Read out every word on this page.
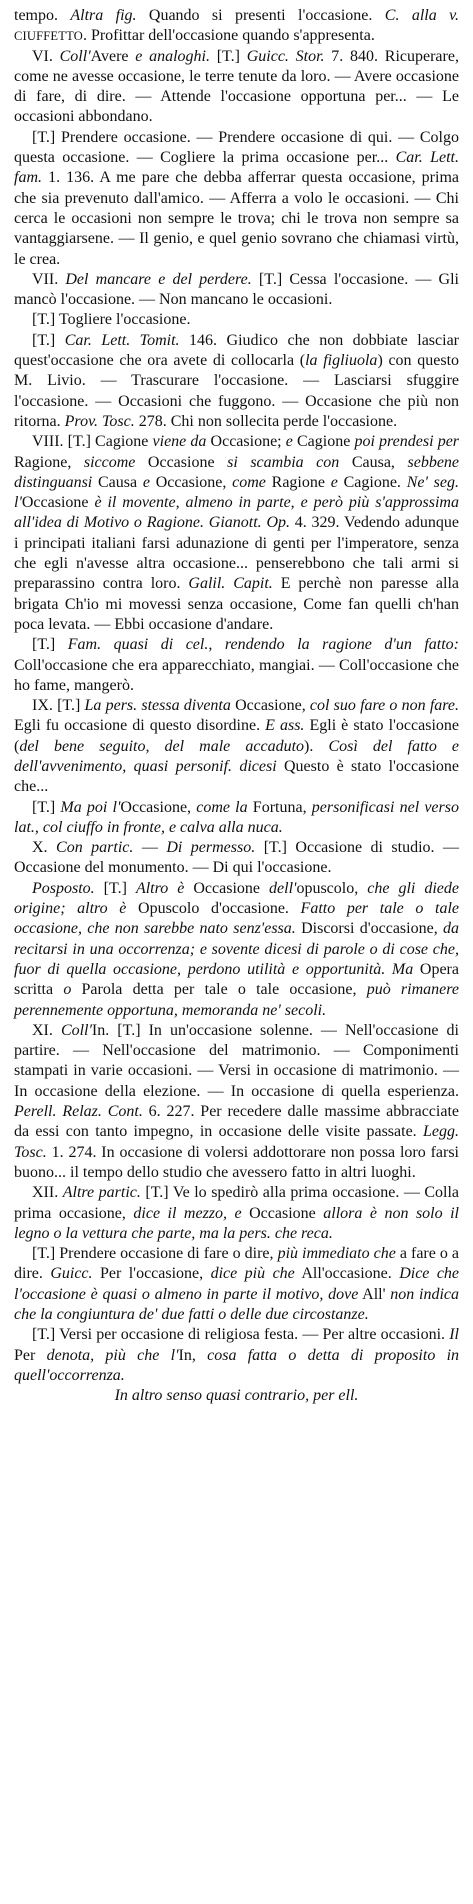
tempo. Altra fig. Quando si presenti l'occasione. C. alla v. CIUFFETTO. Profittar dell'occasione quando s'appresenta.

VI. Coll'Avere e analoghi. [T.] Guicc. Stor. 7. 840. Ricuperare, come ne avesse occasione, le terre tenute da loro. — Avere occasione di fare, di dire. — Attende l'occasione opportuna per... — Le occasioni abbondano.

[T.] Prendere occasione. — Prendere occasione di qui. — Colgo questa occasione. — Cogliere la prima occasione per... Car. Lett. fam. 1. 136. A me pare che debba afferrar questa occasione, prima che sia prevenuto dall'amico. — Afferra a volo le occasioni. — Chi cerca le occasioni non sempre le trova; chi le trova non sempre sa vantaggiarsene. — Il genio, e quel genio sovrano che chiamasi virtù, le crea.

VII. Del mancare e del perdere. [T.] Cessa l'occasione. — Gli mancò l'occasione. — Non mancano le occasioni.

[T.] Togliere l'occasione.

[T.] Car. Lett. Tomit. 146. Giudico che non dobbiate lasciar quest'occasione che ora avete di collocarla (la figliuola) con questo M. Livio. — Trascurare l'occasione. — Lasciarsi sfuggire l'occasione. — Occasioni che fuggono. — Occasione che più non ritorna. Prov. Tosc. 278. Chi non sollecita perde l'occasione.

VIII. [T.] Cagione viene da Occasione; e Cagione poi prendesi per Ragione, siccome Occasione si scambia con Causa, sebbene distinguansi Causa e Occasione, come Ragione e Cagione. Ne' seg. l'Occasione è il movente, almeno in parte, e però più s'approssima all'idea di Motivo o Ragione. Gianott. Op. 4. 329. Vedendo adunque i principati italiani farsi adunazione di genti per l'imperatore, senza che egli n'avesse altra occasione... penserebbono che tali armi si preparassino contra loro. Galil. Capit. E perchè non paresse alla brigata Ch'io mi movessi senza occasione, Come fan quelli ch'han poca levata. — Ebbi occasione d'andare.

[T.] Fam. quasi di cel., rendendo la ragione d'un fatto: Coll'occasione che era apparecchiato, mangiai. — Coll'occasione che ho fame, mangerò.

IX. [T.] La pers. stessa diventa Occasione, col suo fare o non fare. Egli fu occasione di questo disordine. E ass. Egli è stato l'occasione (del bene seguito, del male accaduto). Così del fatto e dell'avvenimento, quasi personif. dicesi Questo è stato l'occasione che...

[T.] Ma poi l'Occasione, come la Fortuna, personificasi nel verso lat., col ciuffo in fronte, e calva alla nuca.

X. Con partic. — Di permesso. [T.] Occasione di studio. — Occasione del monumento. — Di qui l'occasione.

Posposto. [T.] Altro è Occasione dell'opuscolo, che gli diede origine; altro è Opuscolo d'occasione. Fatto per tale o tale occasione, che non sarebbe nato senz'essa. Discorsi d'occasione, da recitarsi in una occorrenza; e sovente dicesi di parole o di cose che, fuor di quella occasione, perdono utilità e opportunità. Ma Opera scritta o Parola detta per tale o tale occasione, può rimanere perennemente opportuna, memoranda ne' secoli.

XI. Coll'In. [T.] In un'occasione solenne. — Nell'occasione di partire. — Nell'occasione del matrimonio. — Componimenti stampati in varie occasioni. — Versi in occasione di matrimonio. — In occasione della elezione. — In occasione di quella esperienza. Perell. Relaz. Cont. 6. 227. Per recedere dalle massime abbracciate da essi con tanto impegno, in occasione delle visite passate. Legg. Tosc. 1. 274. In occasione di volersi addottorare non possa loro farsi buono... il tempo dello studio che avessero fatto in altri luoghi.

XII. Altre partic. [T.] Ve lo spedirò alla prima occasione. — Colla prima occasione, dice il mezzo, e Occasione allora è non solo il legno o la vettura che parte, ma la pers. che reca.

[T.] Prendere occasione di fare o dire, più immediato che a fare o a dire. Guicc. Per l'occasione, dice più che All'occasione. Dice che l'occasione è quasi o almeno in parte il motivo, dove All' non indica che la congiuntura de' due fatti o delle due circostanze.

[T.] Versi per occasione di religiosa festa. — Per altre occasioni. Il Per denota, più che l'In, cosa fatta o detta di proposito in quell'occorrenza.

In altro senso quasi contrario, per ell.
